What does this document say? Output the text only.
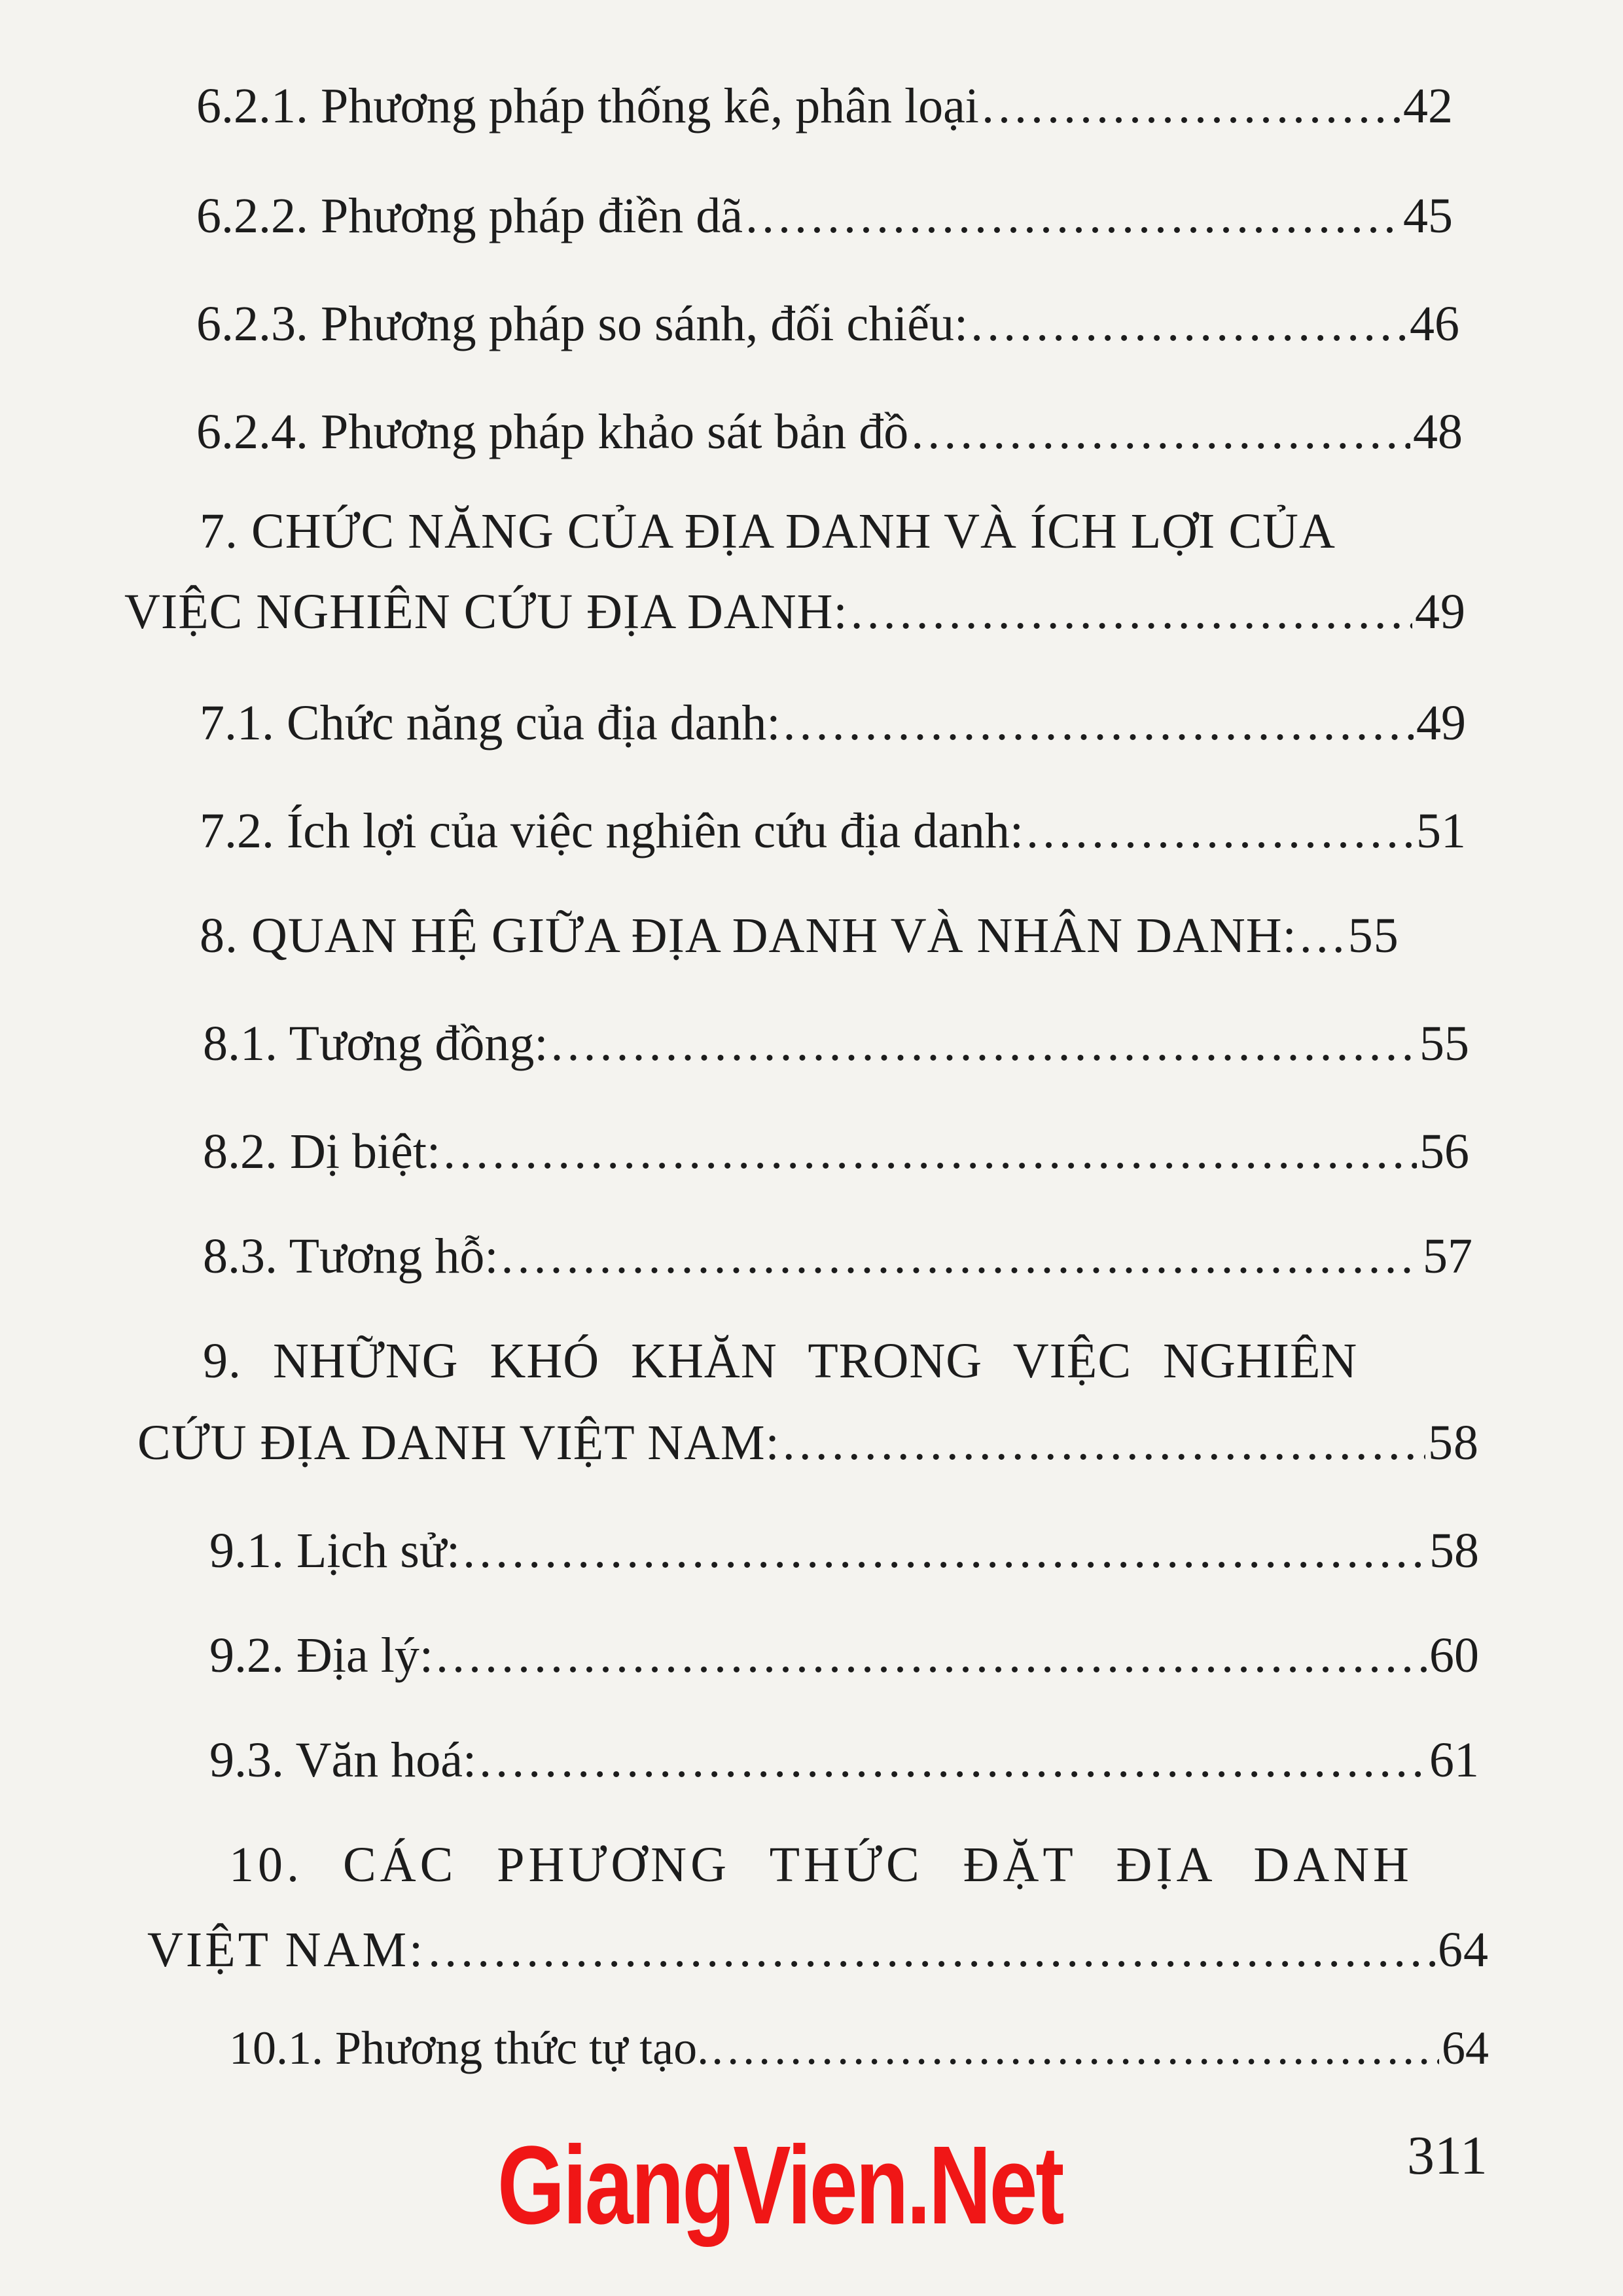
6.2.1. Phương pháp thống kê, phân loại .....	42
6.2.2. Phương pháp điền dã .....	45
6.2.3. Phương pháp so sánh, đối chiếu: .....	46
6.2.4. Phương pháp khảo sát bản đồ .....	48
7. CHỨC NĂNG CỦA ĐỊA DANH VÀ ÍCH LỢI CỦA
VIỆC NGHIÊN CỨU ĐỊA DANH: .....	49
7.1. Chức năng của địa danh: .....	49
7.2. Ích lợi của việc nghiên cứu địa danh: .....	51
8. QUAN HỆ GIỮA ĐỊA DANH VÀ NHÂN DANH: ..... 55
8.1. Tương đồng: .....	55
8.2. Dị biệt: .....	56
8.3. Tương hỗ: .....	57
9. NHỮNG KHÓ KHĂN TRONG VIỆC NGHIÊN
CỨU ĐỊA DANH VIỆT NAM: .....	58
9.1. Lịch sử: .....	58
9.2. Địa lý: .....	60
9.3. Văn hoá: .....	61
10. CÁC PHƯƠNG THỨC ĐẶT ĐỊA DANH
VIỆT NAM: .....	64
10.1. Phương thức tự tạo. .....	64
GiangVien.Net	311
